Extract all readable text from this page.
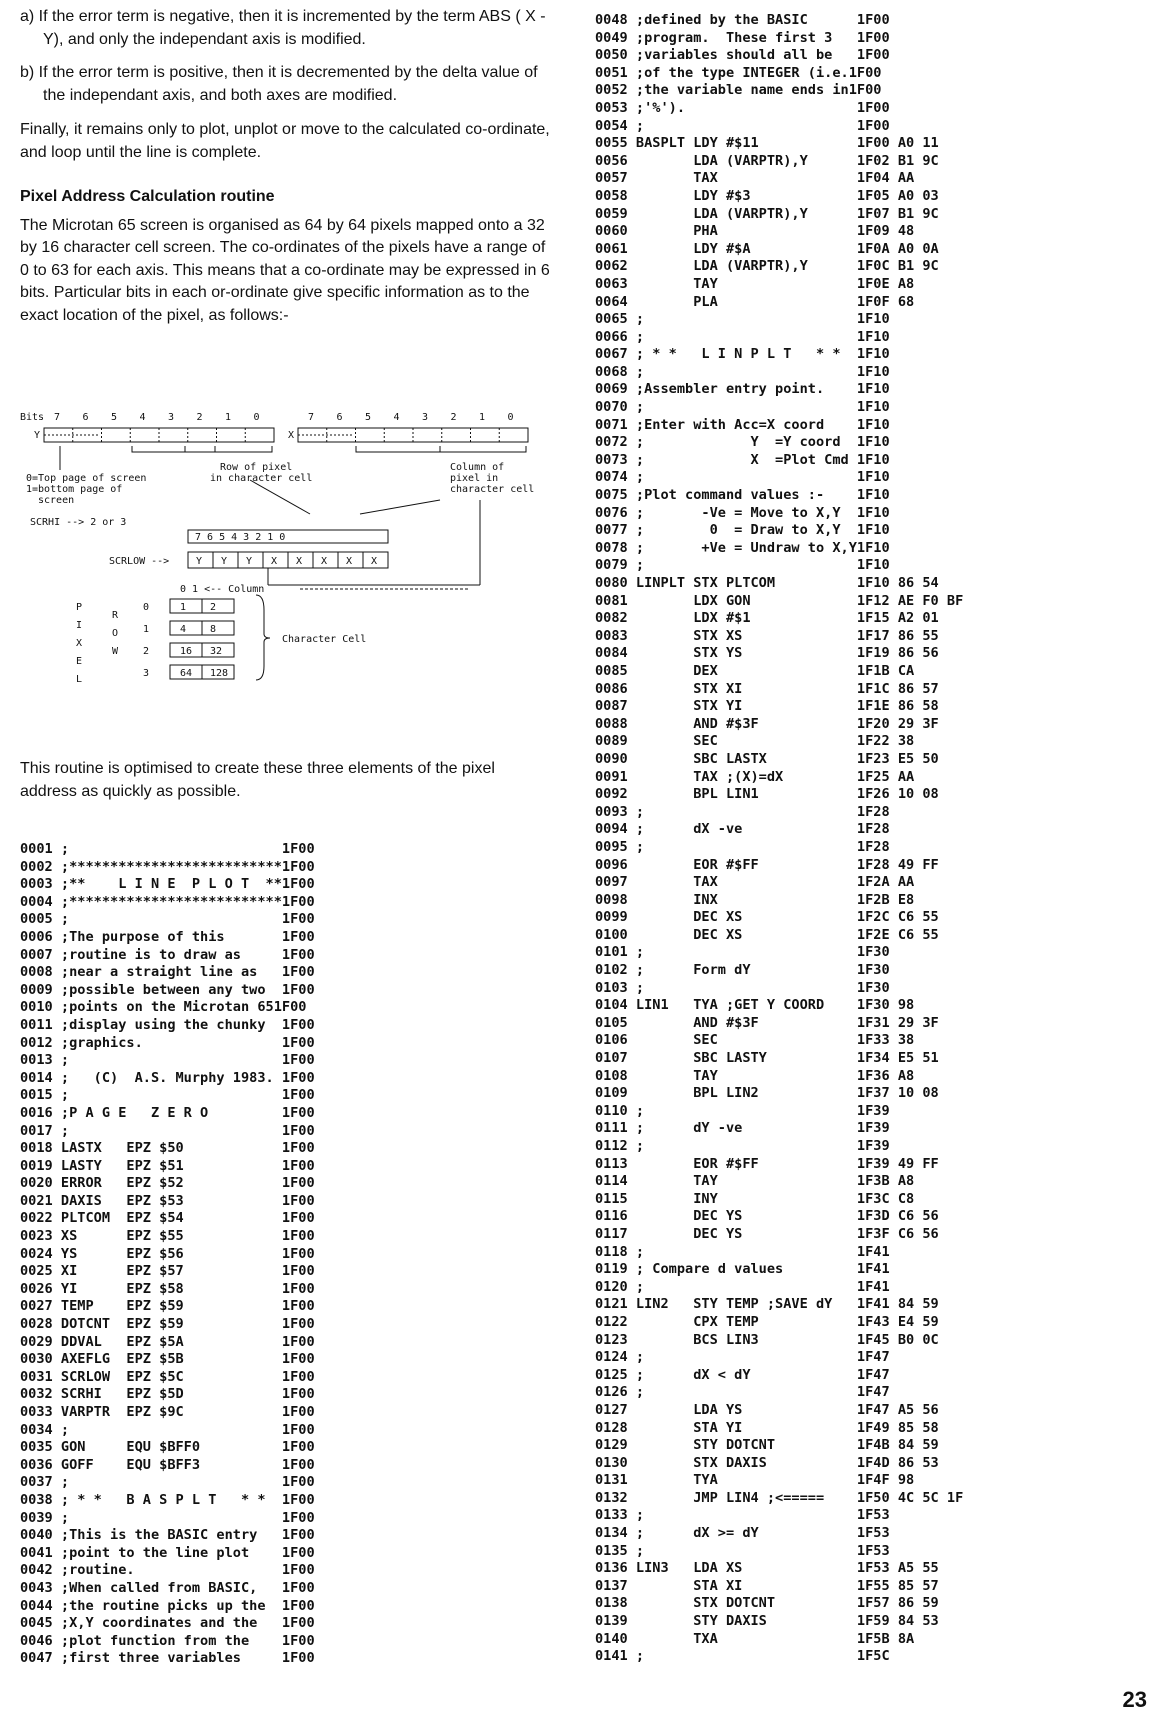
a) If the error term is negative, then it is incremented by the term ABS ( X - Y), and only the independant axis is modified.

b) If the error term is positive, then it is decremented by the delta value of the independant axis, and both axes are modified.

Finally, it remains only to plot, unplot or move to the calculated co-ordinate, and loop until the line is complete.

Pixel Address Calculation routine

The Microtan 65 screen is organised as 64 by 64 pixels mapped onto a 32 by 16 character cell screen. The co-ordinates of the pixels have a range of 0 to 63 for each axis. This means that a co-ordinate may be expressed in 6 bits. Particular bits in each or-ordinate give specific information as to the exact location of the pixel, as follows:-

Bits 7 6 5 4 3 2 1 0	7 6 5 4 3 2 1 0
Y	X
Row of pixel
in character cell
Column of
pixel in
character cell
0=Top page of screen
1=bottom page of
screen
SCRHI --> 2 or 3
7 6 5 4 3 2 1 0
SCRLOW -->	Y Y Y X X X X X
0 1 <-- Column
P
I
X
E
L
R
O
W
0	1 2
1	4 8
2	16 32
3	64 128
Character Cell

This routine is optimised to create these three elements of the pixel address as quickly as possible.

0001 ;                          1F00
0002 ;**************************1F00
0003 ;**    L I N E  P L O T  **1F00
0004 ;**************************1F00
0005 ;                          1F00
0006 ;The purpose of this       1F00
0007 ;routine is to draw as     1F00
0008 ;near a straight line as   1F00
0009 ;possible between any two  1F00
0010 ;points on the Microtan 651F00
0011 ;display using the chunky  1F00
0012 ;graphics.                 1F00
0013 ;                          1F00
0014 ;   (C)  A.S. Murphy 1983. 1F00
0015 ;                          1F00
0016 ;P A G E   Z E R O         1F00
0017 ;                          1F00
0018 LASTX   EPZ $50            1F00
0019 LASTY   EPZ $51            1F00
0020 ERROR   EPZ $52            1F00
0021 DAXIS   EPZ $53            1F00
0022 PLTCOM  EPZ $54            1F00
0023 XS      EPZ $55            1F00
0024 YS      EPZ $56            1F00
0025 XI      EPZ $57            1F00
0026 YI      EPZ $58            1F00
0027 TEMP    EPZ $59            1F00
0028 DOTCNT  EPZ $59            1F00
0029 DDVAL   EPZ $5A            1F00
0030 AXEFLG  EPZ $5B            1F00
0031 SCRLOW  EPZ $5C            1F00
0032 SCRHI   EPZ $5D            1F00
0033 VARPTR  EPZ $9C            1F00
0034 ;                          1F00
0035 GON     EQU $BFF0          1F00
0036 GOFF    EQU $BFF3          1F00
0037 ;                          1F00
0038 ; * *   B A S P L T   * *  1F00
0039 ;                          1F00
0040 ;This is the BASIC entry   1F00
0041 ;point to the line plot    1F00
0042 ;routine.                  1F00
0043 ;When called from BASIC,   1F00
0044 ;the routine picks up the  1F00
0045 ;X,Y coordinates and the   1F00
0046 ;plot function from the    1F00
0047 ;first three variables     1F00

0048 ;defined by the BASIC      1F00
0049 ;program.  These first 3   1F00
0050 ;variables should all be   1F00
0051 ;of the type INTEGER (i.e.1F00
0052 ;the variable name ends in1F00
0053 ;'%').                     1F00
0054 ;                          1F00
0055 BASPLT LDY #$11            1F00 A0 11
0056        LDA (VARPTR),Y      1F02 B1 9C
0057        TAX                 1F04 AA
0058        LDY #$3             1F05 A0 03
0059        LDA (VARPTR),Y      1F07 B1 9C
0060        PHA                 1F09 48
0061        LDY #$A             1F0A A0 0A
0062        LDA (VARPTR),Y      1F0C B1 9C
0063        TAY                 1F0E A8
0064        PLA                 1F0F 68
0065 ;                          1F10
0066 ;                          1F10
0067 ; * *   L I N P L T   * *  1F10
0068 ;                          1F10
0069 ;Assembler entry point.    1F10
0070 ;                          1F10
0071 ;Enter with Acc=X coord    1F10
0072 ;             Y  =Y coord  1F10
0073 ;             X  =Plot Cmd 1F10
0074 ;                          1F10
0075 ;Plot command values :-    1F10
0076 ;       -Ve = Move to X,Y  1F10
0077 ;        0  = Draw to X,Y  1F10
0078 ;       +Ve = Undraw to X,Y1F10
0079 ;                          1F10
0080 LINPLT STX PLTCOM          1F10 86 54
0081        LDX GON             1F12 AE F0 BF
0082        LDX #$1             1F15 A2 01
0083        STX XS              1F17 86 55
0084        STX YS              1F19 86 56
0085        DEX                 1F1B CA
0086        STX XI              1F1C 86 57
0087        STX YI              1F1E 86 58
0088        AND #$3F            1F20 29 3F
0089        SEC                 1F22 38
0090        SBC LASTX           1F23 E5 50
0091        TAX ;(X)=dX         1F25 AA
0092        BPL LIN1            1F26 10 08
0093 ;                          1F28
0094 ;      dX -ve              1F28
0095 ;                          1F28
0096        EOR #$FF            1F28 49 FF
0097        TAX                 1F2A AA
0098        INX                 1F2B E8
0099        DEC XS              1F2C C6 55
0100        DEC XS              1F2E C6 55
0101 ;                          1F30
0102 ;      Form dY             1F30
0103 ;                          1F30
0104 LIN1   TYA ;GET Y COORD    1F30 98
0105        AND #$3F            1F31 29 3F
0106        SEC                 1F33 38
0107        SBC LASTY           1F34 E5 51
0108        TAY                 1F36 A8
0109        BPL LIN2            1F37 10 08
0110 ;                          1F39
0111 ;      dY -ve              1F39
0112 ;                          1F39
0113        EOR #$FF            1F39 49 FF
0114        TAY                 1F3B A8
0115        INY                 1F3C C8
0116        DEC YS              1F3D C6 56
0117        DEC YS              1F3F C6 56
0118 ;                          1F41
0119 ; Compare d values         1F41
0120 ;                          1F41
0121 LIN2   STY TEMP ;SAVE dY   1F41 84 59
0122        CPX TEMP            1F43 E4 59
0123        BCS LIN3            1F45 B0 0C
0124 ;                          1F47
0125 ;      dX < dY             1F47
0126 ;                          1F47
0127        LDA YS              1F47 A5 56
0128        STA YI              1F49 85 58
0129        STY DOTCNT          1F4B 84 59
0130        STX DAXIS           1F4D 86 53
0131        TYA                 1F4F 98
0132        JMP LIN4 ;<=====    1F50 4C 5C 1F
0133 ;                          1F53
0134 ;      dX >= dY            1F53
0135 ;                          1F53
0136 LIN3   LDA XS              1F53 A5 55
0137        STA XI              1F55 85 57
0138        STX DOTCNT          1F57 86 59
0139        STY DAXIS           1F59 84 53
0140        TXA                 1F5B 8A
0141 ;                          1F5C

23
